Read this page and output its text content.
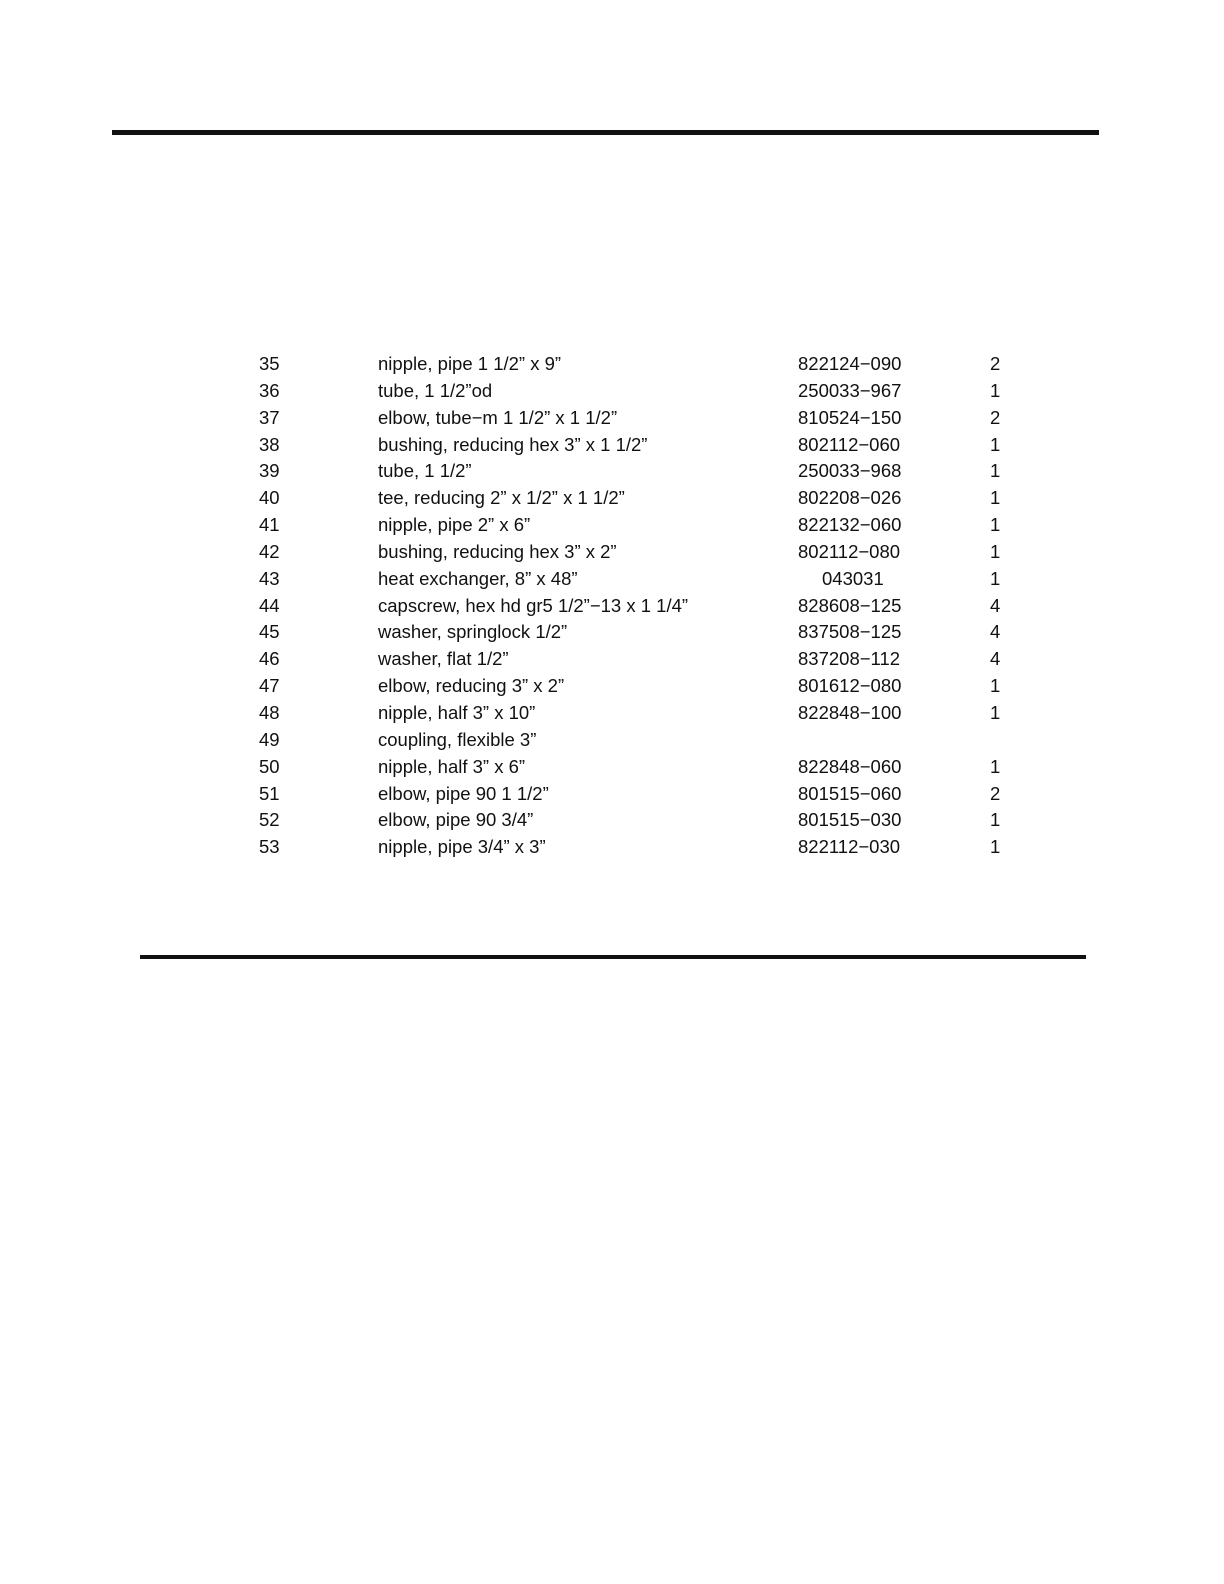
35	nipple, pipe 1 1/2” x 9”	822124−090	2
36	tube, 1 1/2”od	250033−967	1
37	elbow, tube−m 1 1/2” x 1 1/2”	810524−150	2
38	bushing, reducing hex 3” x 1 1/2”	802112−060	1
39	tube, 1 1/2”	250033−968	1
40	tee, reducing 2” x 1/2” x 1 1/2”	802208−026	1
41	nipple, pipe 2” x 6”	822132−060	1
42	bushing, reducing hex 3” x 2”	802112−080	1
43	heat exchanger, 8” x 48”	043031	1
44	capscrew, hex hd gr5 1/2”−13 x 1 1/4”	828608−125	4
45	washer, springlock 1/2”	837508−125	4
46	washer, flat 1/2”	837208−112	4
47	elbow, reducing 3” x 2”	801612−080	1
48	nipple, half 3” x 10”	822848−100	1
49	coupling, flexible 3”
50	nipple, half 3” x 6”	822848−060	1
51	elbow, pipe 90 1 1/2”	801515−060	2
52	elbow, pipe 90 3/4”	801515−030	1
53	nipple, pipe 3/4” x 3”	822112−030	1
